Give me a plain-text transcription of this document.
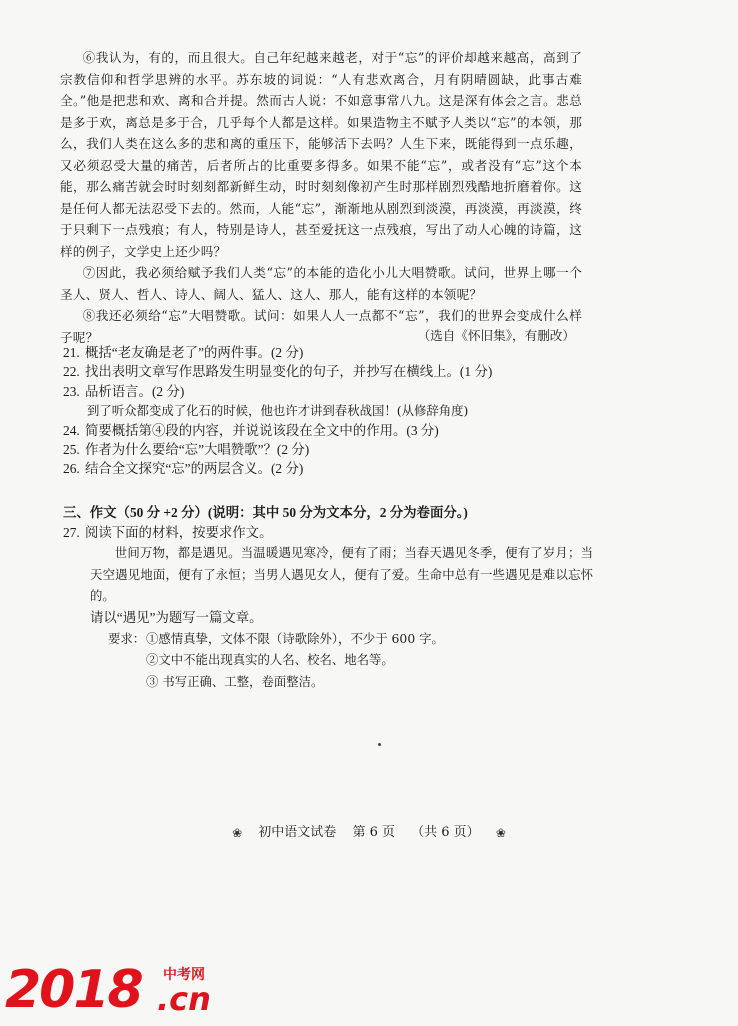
⑥我认为，有的，而且很大。自己年纪越来越老，对于“忘”的评价却越来越高，高到了宗教信仰和哲学思辨的水平。苏东坡的词说：“人有悲欢离合，月有阴晴圆缺，此事古难全。”他是把悲和欢、离和合并提。然而古人说：不如意事常八九。这是深有体会之言。悲总是多于欢，离总是多于合，几乎每个人都是这样。如果造物主不赋予人类以“忘”的本领，那么，我们人类在这么多的悲和离的重压下，能够活下去吗？人生下来，既能得到一点乐趣，又必须忍受大量的痛苦，后者所占的比重要多得多。如果不能“忘”，或者没有“忘”这个本能，那么痛苦就会时时刻刻都新鲜生动，时时刻刻像初产生时那样剧烈残酷地折磨着你。这是任何人都无法忍受下去的。然而，人能“忘”，渐渐地从剧烈到淡漠，再淡漠，再淡漠，终于只剩下一点残痕；有人，特别是诗人，甚至爱抚这一点残痕，写出了动人心魄的诗篇，这样的例子，文学史上还少吗？

⑦因此，我必须给赋予我们人类“忘”的本能的造化小儿大唱赞歌。试问，世界上哪一个圣人、贤人、哲人、诗人、阔人、猛人、这人、那人，能有这样的本领呢？

⑧我还必须给“忘”大唱赞歌。试问：如果人人一点都不“忘”，我们的世界会变成什么样子呢？	（选自《怀旧集》，有删改）

21. 概括“老友确是老了”的两件事。(2 分)

22. 找出表明文章写作思路发生明显变化的句子，并抄写在横线上。(1 分)

23. 品析语言。(2 分)

到了听众都变成了化石的时候，他也许才讲到春秋战国！(从修辞角度)

24. 简要概括第④段的内容，并说说该段在全文中的作用。(3 分)

25. 作者为什么要给“忘”大唱赞歌”？(2 分)

26. 结合全文探究“忘”的两层含义。(2 分)

三、作文（50 分 +2 分）(说明：其中 50 分为文本分，2 分为卷面分。)

27. 阅读下面的材料，按要求作文。

世间万物，都是遇见。当温暖遇见寒冷，便有了雨；当春天遇见冬季，便有了岁月；当天空遇见地面，便有了永恒；当男人遇见女人，便有了爱。生命中总有一些遇见是难以忘怀的。

请以“遇见”为题写一篇文章。

要求： ①感情真挚，文体不限（诗歌除外），不少于 600 字。

②文中不能出现真实的人名、校名、地名等。

③ 书写正确、工整，卷面整洁。

❀ 初中语文试卷 第 6 页 （共 6 页） ❀
2018 中考网
.cn
